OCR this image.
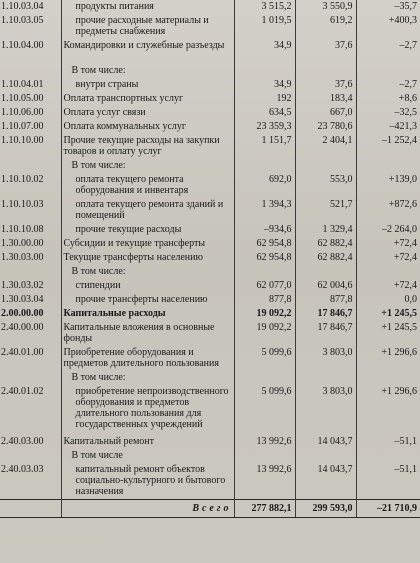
1.10.03.04	продукты питания	3 515,2	3 550,9	–35,7
1.10.03.05	прочие расходные материалы и предметы снабжения	1 019,5	619,2	+400,3
1.10.04.00	Командировки и служебные разъезды	34,9	37,6	–2,7
	В том числе:			
1.10.04.01	внутри страны	34,9	37,6	–2,7
1.10.05.00	Оплата транспортных услуг	192	183,4	+8,6
1.10.06.00	Оплата услуг связи	634,5	667,0	–32,5
1.10.07.00	Оплата коммунальных услуг	23 359,3	23 780,6	–421,3
1.10.10.00	Прочие текущие расходы на закупки товаров и оплату услуг	1 151,7	2 404,1	–1 252,4
	В том числе:			
1.10.10.02	оплата текущего ремонта оборудования и инвентаря	692,0	553,0	+139,0
1.10.10.03	оплата текущего ремонта зданий и помещений	1 394,3	521,7	+872,6
1.10.10.08	прочие текущие расходы	–934,6	1 329,4	–2 264,0
1.30.00.00	Субсидии и текущие трансферты	62 954,8	62 882,4	+72,4
1.30.03.00	Текущие трансферты населению	62 954,8	62 882,4	+72,4
	В том числе:			
1.30.03.02	стипендии	62 077,0	62 004,6	+72,4
1.30.03.04	прочие трансферты населению	877,8	877,8	0,0
2.00.00.00	Капитальные расходы	19 092,2	17 846,7	+1 245,5
2.40.00.00	Капитальные вложения в основные фонды	19 092,2	17 846,7	+1 245,5
2.40.01.00	Приобретение оборудования и предметов длительного пользования	5 099,6	3 803,0	+1 296,6
	В том числе:			
2.40.01.02	приобретение непроизводственного оборудования и предметов длительного пользования для государственных учреждений	5 099,6	3 803,0	+1 296,6
2.40.03.00	Капитальный ремонт	13 992,6	14 043,7	–51,1
	В том числе			
2.40.03.03	капитальный ремонт объектов социально-культурного и бытового назначения	13 992,6	14 043,7	–51,1
	Всего	277 882,1	299 593,0	–21 710,9
